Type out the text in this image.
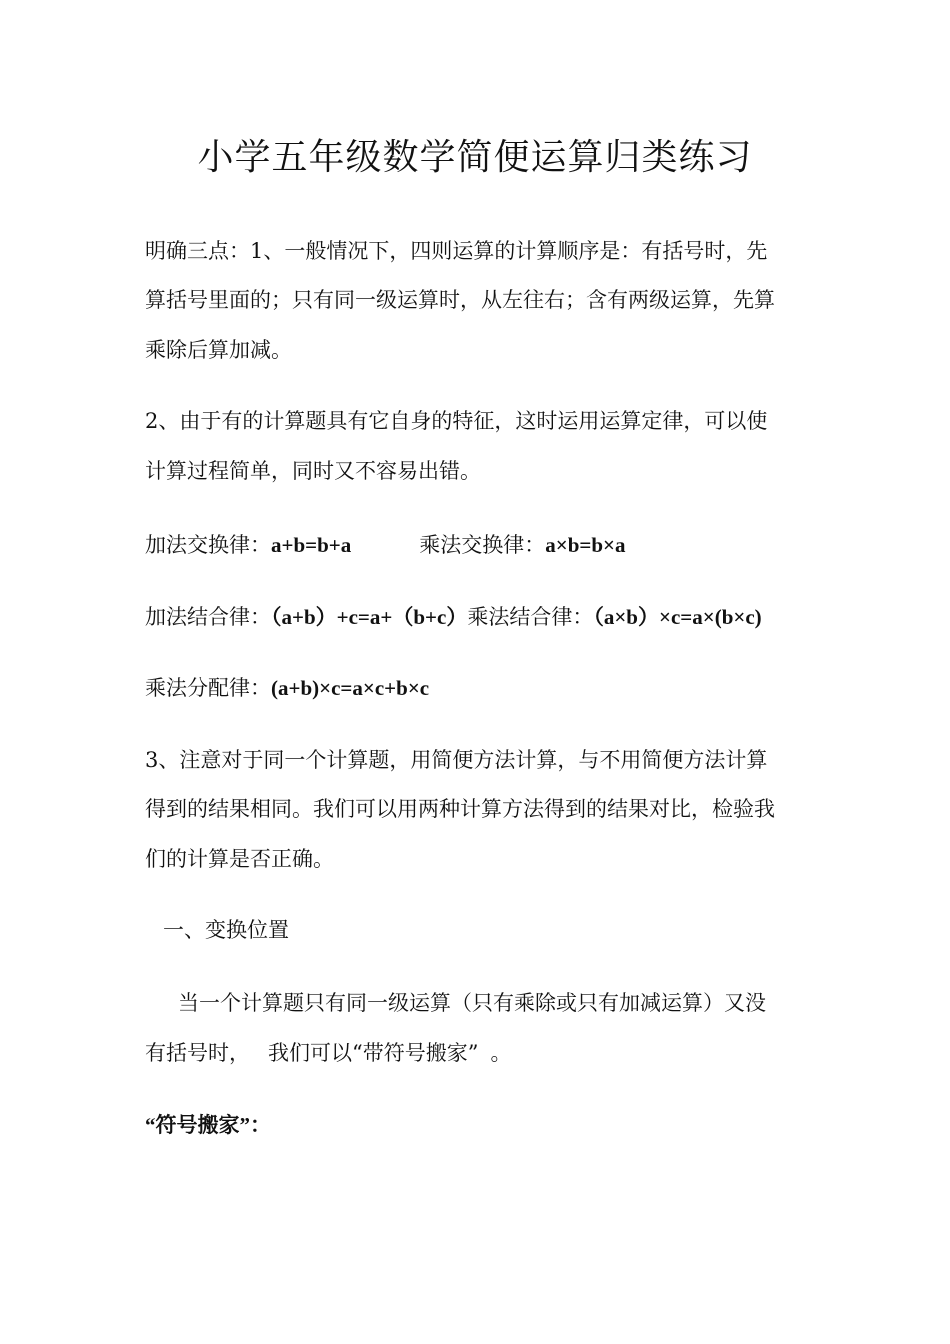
小学五年级数学简便运算归类练习
明确三点：1、一般情况下，四则运算的计算顺序是：有括号时，先
算括号里面的；只有同一级运算时，从左往右；含有两级运算，先算
乘除后算加减。
2、由于有的计算题具有它自身的特征，这时运用运算定律，可以使
计算过程简单，同时又不容易出错。
加法交换律：a+b=b+a	乘法交换律：a×b=b×a
加法结合律：（a+b）+c=a+（b+c）乘法结合律：（a×b）×c=a×(b×c)
乘法分配律：(a+b)×c=a×c+b×c
3、注意对于同一个计算题，用简便方法计算，与不用简便方法计算
得到的结果相同。我们可以用两种计算方法得到的结果对比，检验我
们的计算是否正确。
一、变换位置
当一个计算题只有同一级运算（只有乘除或只有加减运算）又没
有括号时， 我们可以“带符号搬家” 。
“符号搬家”：
